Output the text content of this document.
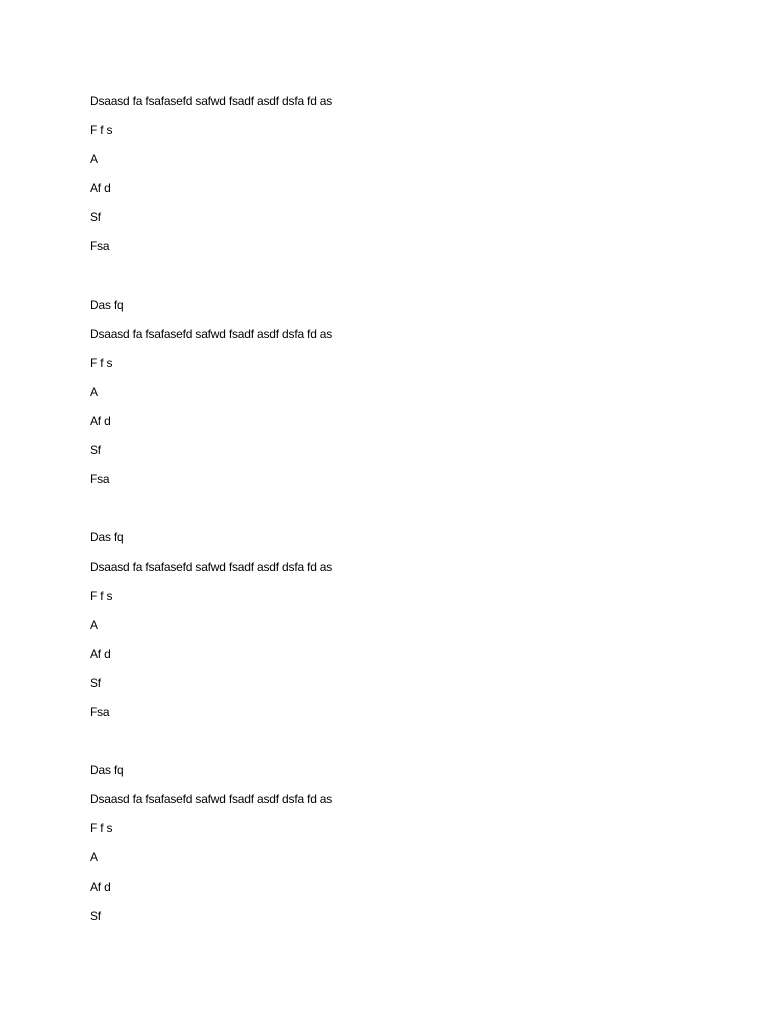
Dsaasd fa fsafasefd safwd fsadf asdf dsfa fd as
F f s
A
Af d
Sf
Fsa
Das fq
Dsaasd fa fsafasefd safwd fsadf asdf dsfa fd as
F f s
A
Af d
Sf
Fsa
Das fq
Dsaasd fa fsafasefd safwd fsadf asdf dsfa fd as
F f s
A
Af d
Sf
Fsa
Das fq
Dsaasd fa fsafasefd safwd fsadf asdf dsfa fd as
F f s
A
Af d
Sf
